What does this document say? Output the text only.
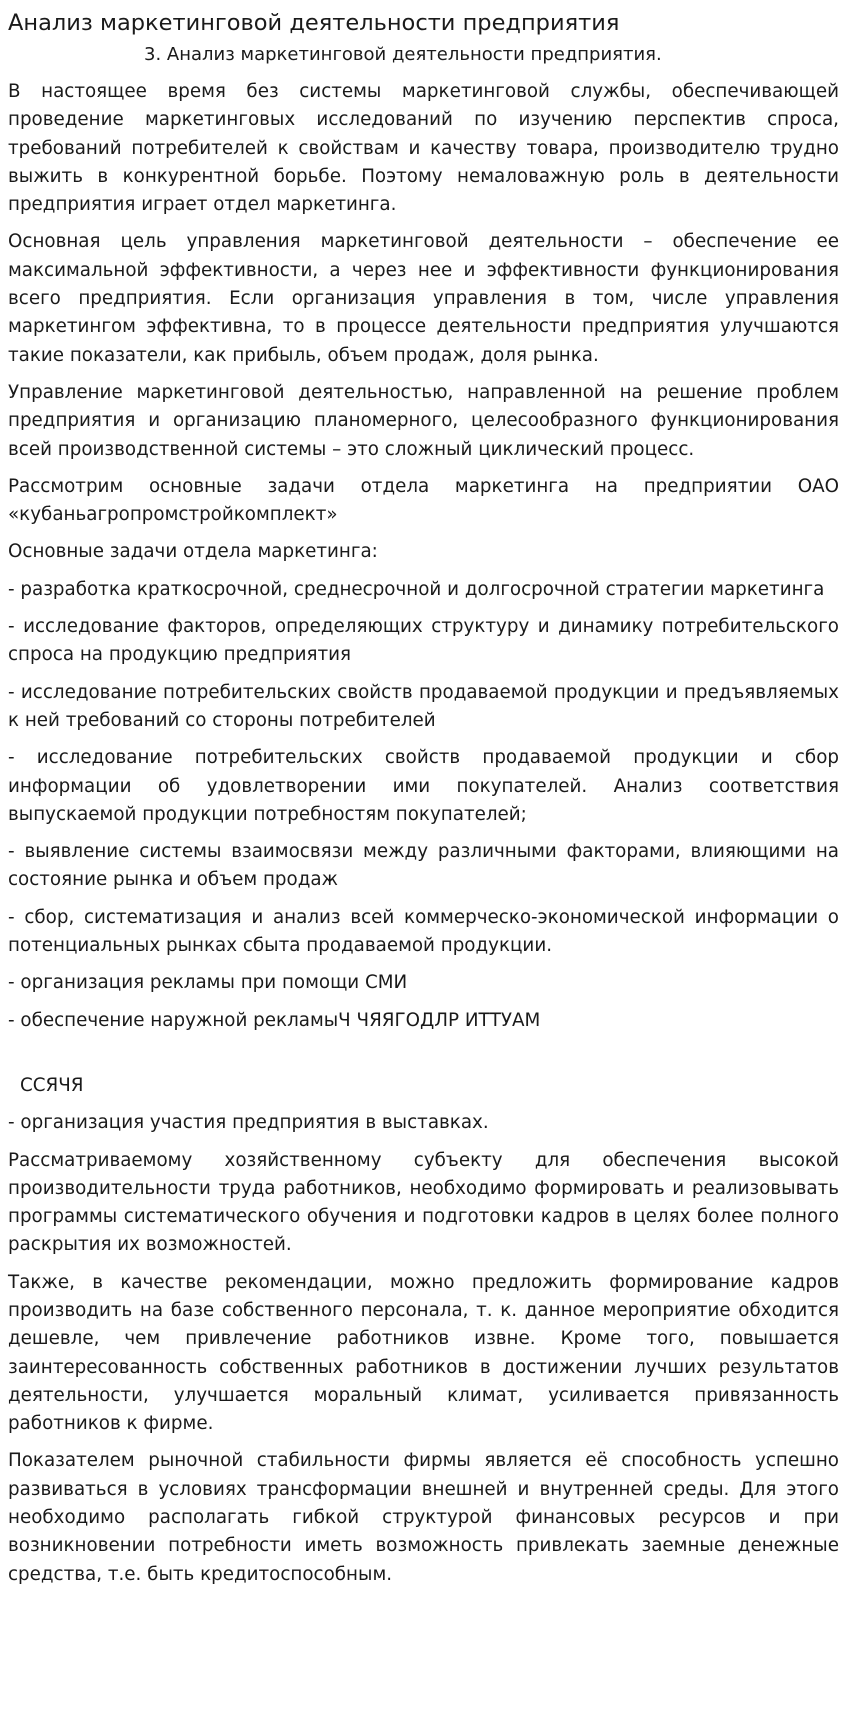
Анализ маркетинговой деятельности предприятия
3. Анализ маркетинговой деятельности предприятия.

В настоящее время без системы маркетинговой службы, обеспечивающей проведение маркетинговых исследований по изучению перспектив спроса, требований потребителей к свойствам и качеству товара, производителю трудно выжить в конкурентной борьбе. Поэтому немаловажную роль в деятельности предприятия играет отдел маркетинга.

Основная цель управления маркетинговой деятельности – обеспечение ее максимальной эффективности, а через нее и эффективности функционирования всего предприятия. Если организация управления в том, числе управления маркетингом эффективна, то в процессе деятельности предприятия улучшаются такие показатели, как прибыль, объем продаж, доля рынка.

Управление маркетинговой деятельностью, направленной на решение проблем предприятия и организацию планомерного, целесообразного функционирования всей производственной системы – это сложный циклический процесс.

Рассмотрим основные задачи отдела маркетинга на предприятии ОАО «кубаньагропромстройкомплект»

Основные задачи отдела маркетинга:

- разработка краткосрочной, среднесрочной и долгосрочной стратегии маркетинга

- исследование факторов, определяющих структуру и динамику потребительского спроса на продукцию предприятия

- исследование потребительских свойств продаваемой продукции и предъявляемых к ней требований со стороны потребителей

- исследование потребительских свойств продаваемой продукции и сбор информации об удовлетворении ими покупателей. Анализ соответствия выпускаемой продукции потребностям покупателей;

- выявление системы взаимосвязи между различными факторами, влияющими на состояние рынка и объем продаж

- сбор, систематизация и анализ всей коммерческо-экономической информации о потенциальных рынках сбыта продаваемой продукции.

- организация рекламы при помощи СМИ

- обеспечение наружной рекламыЧ ЧЯЯГОДЛР ИТТУАМ

ССЯЧЯ

- организация участия предприятия в выставках.

Рассматриваемому хозяйственному субъекту для обеспечения высокой производительности труда работников, необходимо формировать и реализовывать программы систематического обучения и подготовки кадров в целях более полного раскрытия их возможностей.

Также, в качестве рекомендации, можно предложить формирование кадров производить на базе собственного персонала, т. к. данное мероприятие обходится дешевле, чем привлечение работников извне. Кроме того, повышается заинтересованность собственных работников в достижении лучших результатов деятельности, улучшается моральный климат, усиливается привязанность работников к фирме.

Показателем рыночной стабильности фирмы является её способность успешно развиваться в условиях трансформации внешней и внутренней среды. Для этого необходимо располагать гибкой структурой финансовых ресурсов и при возникновении потребности иметь возможность привлекать заемные денежные средства, т.е. быть кредитоспособным.
